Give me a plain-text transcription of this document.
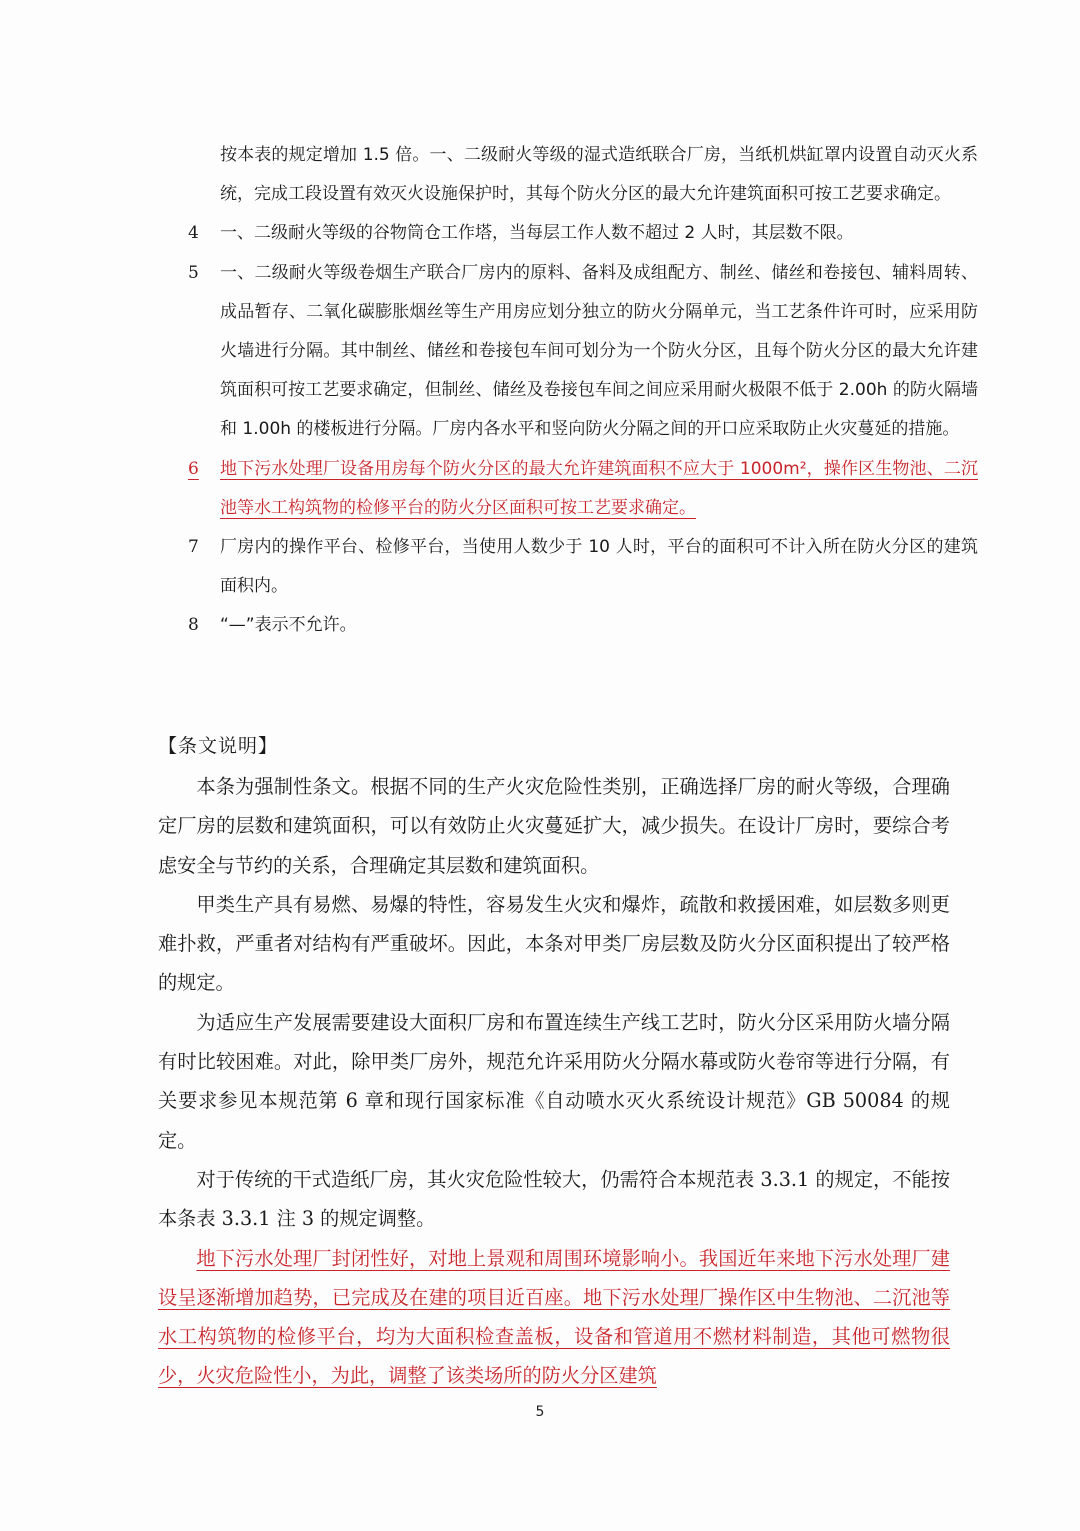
按本表的规定增加 1.5 倍。一、二级耐火等级的湿式造纸联合厂房，当纸机烘缸罩内设置自动灭火系统，完成工段设置有效灭火设施保护时，其每个防火分区的最大允许建筑面积可按工艺要求确定。

4	一、二级耐火等级的谷物筒仓工作塔，当每层工作人数不超过 2 人时，其层数不限。

5	一、二级耐火等级卷烟生产联合厂房内的原料、备料及成组配方、制丝、储丝和卷接包、辅料周转、成品暂存、二氧化碳膨胀烟丝等生产用房应划分独立的防火分隔单元，当工艺条件许可时，应采用防火墙进行分隔。其中制丝、储丝和卷接包车间可划分为一个防火分区，且每个防火分区的最大允许建筑面积可按工艺要求确定，但制丝、储丝及卷接包车间之间应采用耐火极限不低于 2.00h 的防火隔墙和 1.00h 的楼板进行分隔。厂房内各水平和竖向防火分隔之间的开口应采取防止火灾蔓延的措施。

6	地下污水处理厂设备用房每个防火分区的最大允许建筑面积不应大于 1000m²，操作区生物池、二沉池等水工构筑物的检修平台的防火分区面积可按工艺要求确定。

7	厂房内的操作平台、检修平台，当使用人数少于 10 人时，平台的面积可不计入所在防火分区的建筑面积内。

8	“—”表示不允许。

【条文说明】

本条为强制性条文。根据不同的生产火灾危险性类别，正确选择厂房的耐火等级，合理确定厂房的层数和建筑面积，可以有效防止火灾蔓延扩大，减少损失。在设计厂房时，要综合考虑安全与节约的关系，合理确定其层数和建筑面积。

甲类生产具有易燃、易爆的特性，容易发生火灾和爆炸，疏散和救援困难，如层数多则更难扑救，严重者对结构有严重破坏。因此，本条对甲类厂房层数及防火分区面积提出了较严格的规定。

为适应生产发展需要建设大面积厂房和布置连续生产线工艺时，防火分区采用防火墙分隔有时比较困难。对此，除甲类厂房外，规范允许采用防火分隔水幕或防火卷帘等进行分隔，有关要求参见本规范第 6 章和现行国家标准《自动喷水灭火系统设计规范》GB 50084 的规定。

对于传统的干式造纸厂房，其火灾危险性较大，仍需符合本规范表 3.3.1 的规定，不能按本条表 3.3.1 注 3 的规定调整。

地下污水处理厂封闭性好，对地上景观和周围环境影响小。我国近年来地下污水处理厂建设呈逐渐增加趋势，已完成及在建的项目近百座。地下污水处理厂操作区中生物池、二沉池等水工构筑物的检修平台，均为大面积检查盖板，设备和管道用不燃材料制造，其他可燃物很少，火灾危险性小，为此，调整了该类场所的防火分区建筑

5
